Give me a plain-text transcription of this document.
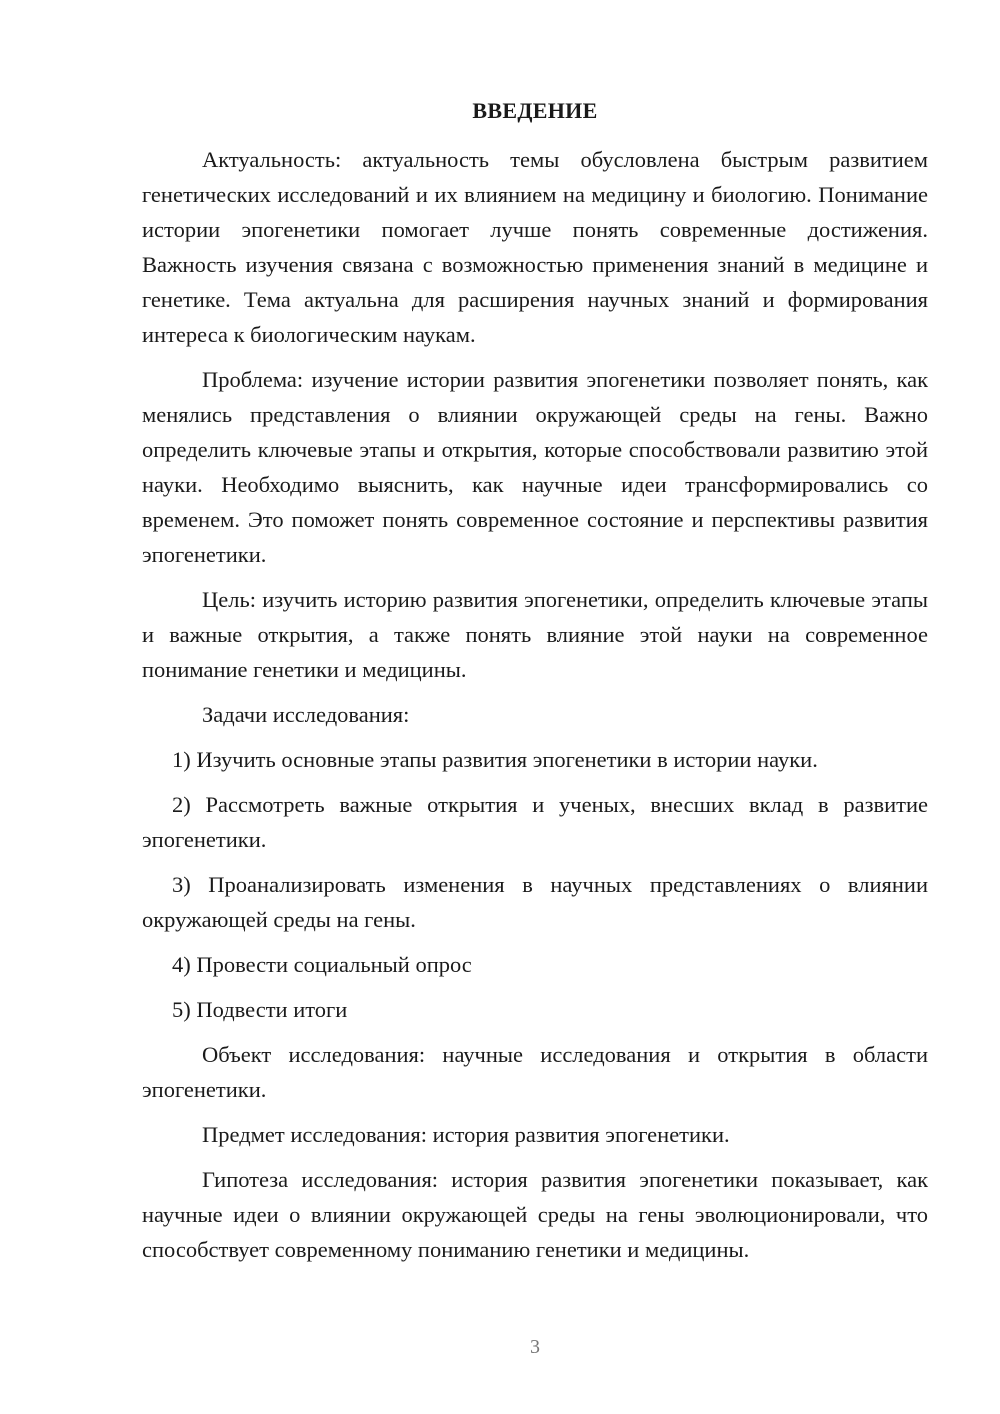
ВВЕДЕНИЕ

Актуальность: актуальность темы обусловлена быстрым развитием генетических исследований и их влиянием на медицину и биологию. Понимание истории эпогенетики помогает лучше понять современные достижения. Важность изучения связана с возможностью применения знаний в медицине и генетике. Тема актуальна для расширения научных знаний и формирования интереса к биологическим наукам.

Проблема: изучение истории развития эпогенетики позволяет понять, как менялись представления о влиянии окружающей среды на гены. Важно определить ключевые этапы и открытия, которые способствовали развитию этой науки. Необходимо выяснить, как научные идеи трансформировались со временем. Это поможет понять современное состояние и перспективы развития эпогенетики.

Цель: изучить историю развития эпогенетики, определить ключевые этапы и важные открытия, а также понять влияние этой науки на современное понимание генетики и медицины.

Задачи исследования:

1) Изучить основные этапы развития эпогенетики в истории науки.

2) Рассмотреть важные открытия и ученых, внесших вклад в развитие эпогенетики.

3) Проанализировать изменения в научных представлениях о влиянии окружающей среды на гены.

4) Провести социальный опрос

5) Подвести итоги

Объект исследования: научные исследования и открытия в области эпогенетики.

Предмет исследования: история развития эпогенетики.

Гипотеза исследования: история развития эпогенетики показывает, как научные идеи о влиянии окружающей среды на гены эволюционировали, что способствует современному пониманию генетики и медицины.

3
